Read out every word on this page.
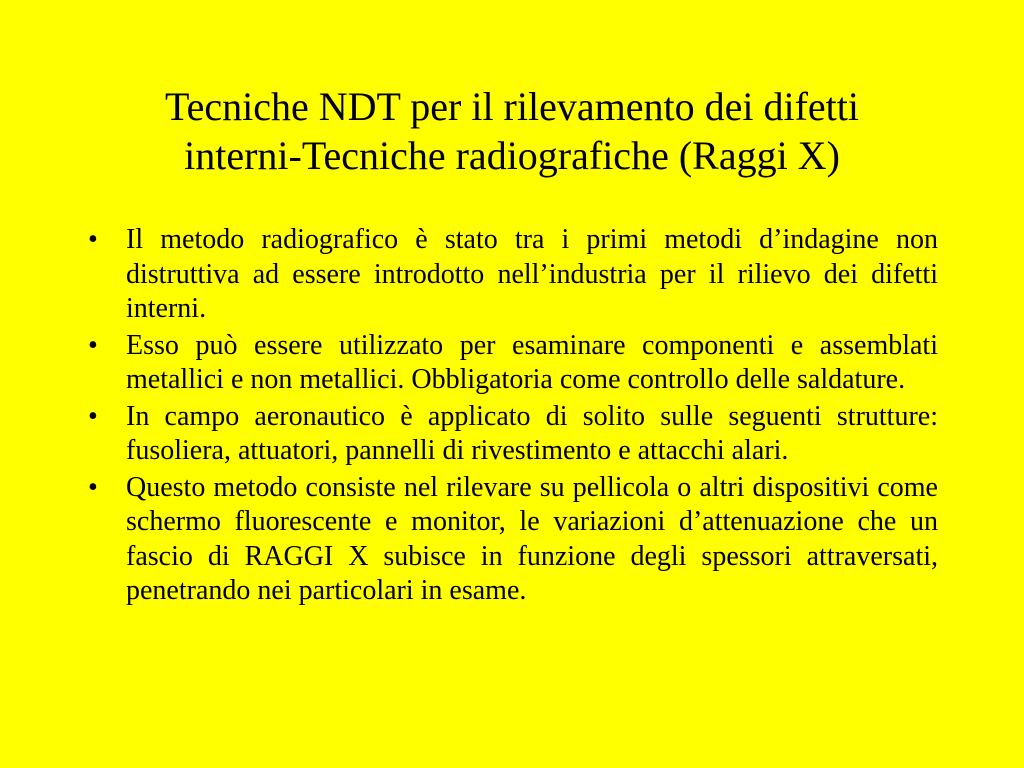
Tecniche NDT per il rilevamento dei difetti
interni-Tecniche radiografiche (Raggi X)
•	Il metodo radiografico è stato tra i primi metodi d’indagine non distruttiva ad essere introdotto nell’industria per il rilievo dei difetti interni.
•	Esso può essere utilizzato per esaminare componenti e assemblati metallici e non metallici. Obbligatoria come controllo delle saldature.
•	In campo aeronautico è applicato di solito sulle seguenti strutture: fusoliera, attuatori, pannelli di rivestimento e attacchi alari.
•	Questo metodo consiste nel rilevare su pellicola o altri dispositivi come schermo fluorescente e monitor, le variazioni d’attenuazione che un fascio di RAGGI X subisce in funzione degli spessori attraversati, penetrando nei particolari in esame.
